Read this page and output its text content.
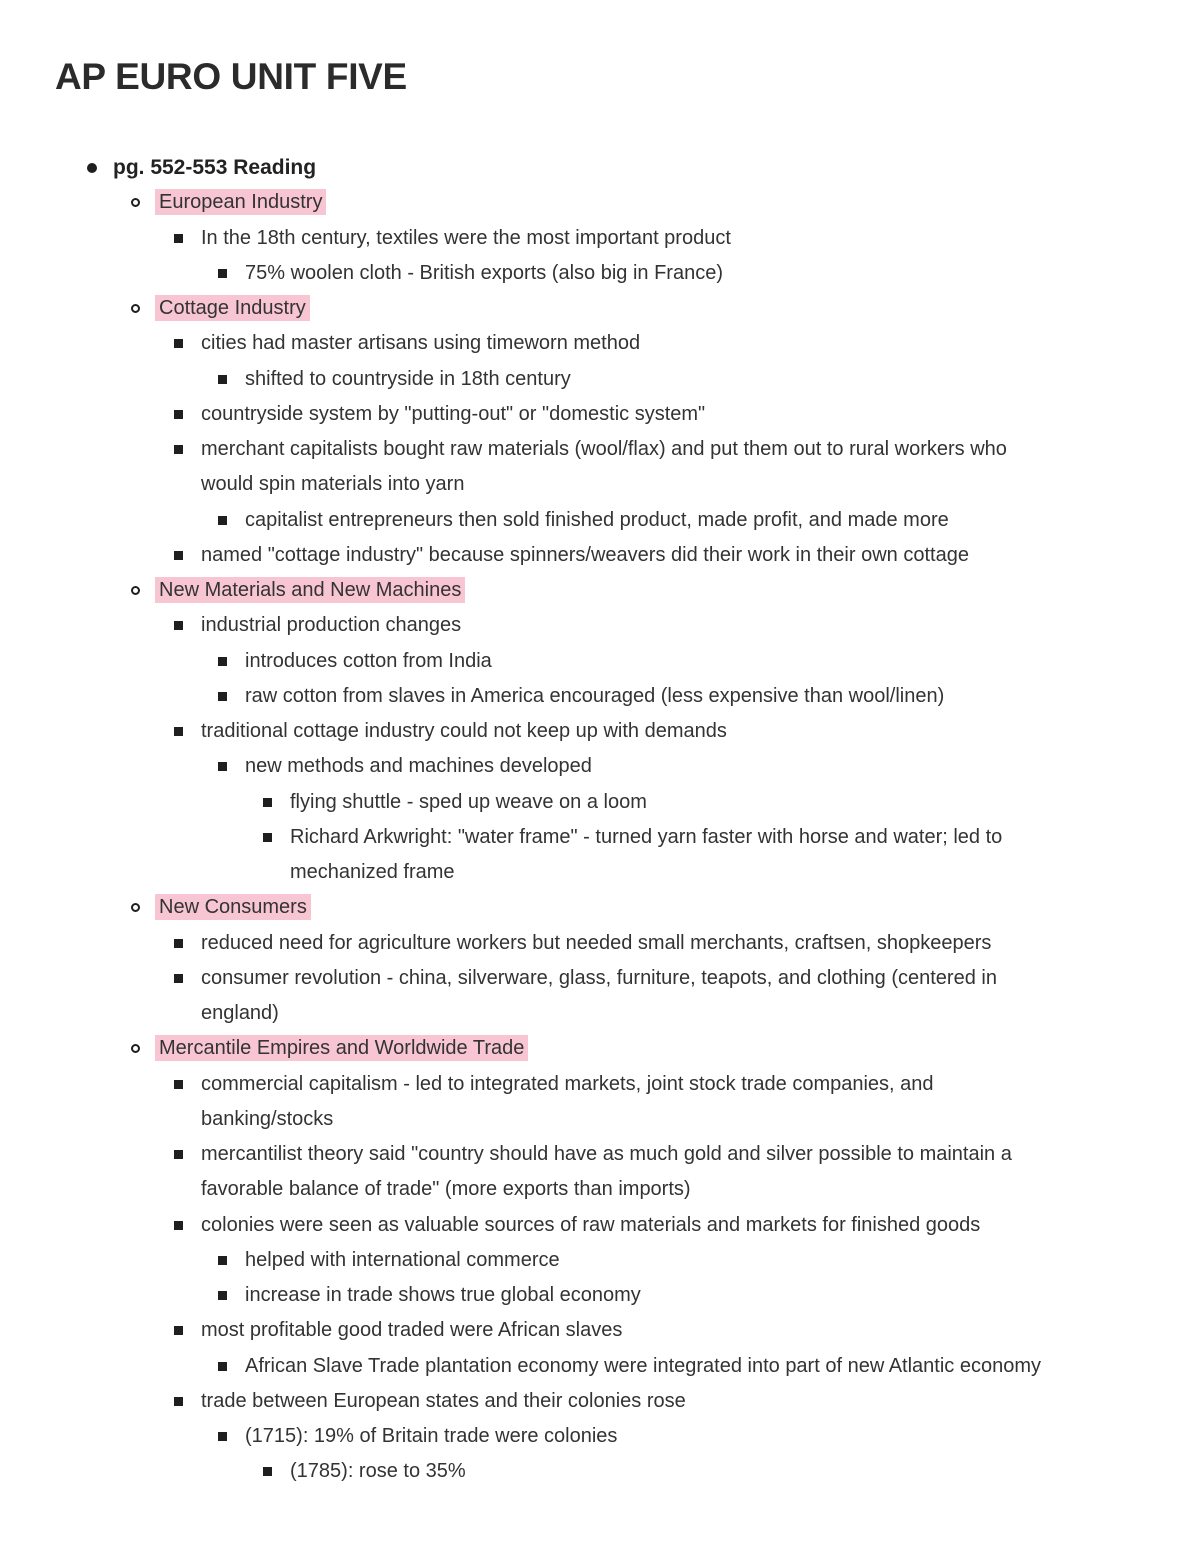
AP EURO UNIT FIVE
pg. 552-553 Reading
European Industry
In the 18th century, textiles were the most important product
75% woolen cloth - British exports (also big in France)
Cottage Industry
cities had master artisans using timeworn method
shifted to countryside in 18th century
countryside system by "putting-out" or "domestic system"
merchant capitalists bought raw materials (wool/flax) and put them out to rural workers who
would spin materials into yarn
capitalist entrepreneurs then sold finished product, made profit, and made more
named "cottage industry" because spinners/weavers did their work in their own cottage
New Materials and New Machines
industrial production changes
introduces cotton from India
raw cotton from slaves in America encouraged (less expensive than wool/linen)
traditional cottage industry could not keep up with demands
new methods and machines developed
flying shuttle - sped up weave on a loom
Richard Arkwright: "water frame" - turned yarn faster with horse and water; led to
mechanized frame
New Consumers
reduced need for agriculture workers but needed small merchants, craftsen, shopkeepers
consumer revolution - china, silverware, glass, furniture, teapots, and clothing (centered in
england)
Mercantile Empires and Worldwide Trade
commercial capitalism - led to integrated markets, joint stock trade companies, and
banking/stocks
mercantilist theory said "country should have as much gold and silver possible to maintain a
favorable balance of trade" (more exports than imports)
colonies were seen as valuable sources of raw materials and markets for finished goods
helped with international commerce
increase in trade shows true global economy
most profitable good traded were African slaves
African Slave Trade plantation economy were integrated into part of new Atlantic economy
trade between European states and their colonies rose
(1715): 19% of Britain trade were colonies
(1785): rose to 35%
